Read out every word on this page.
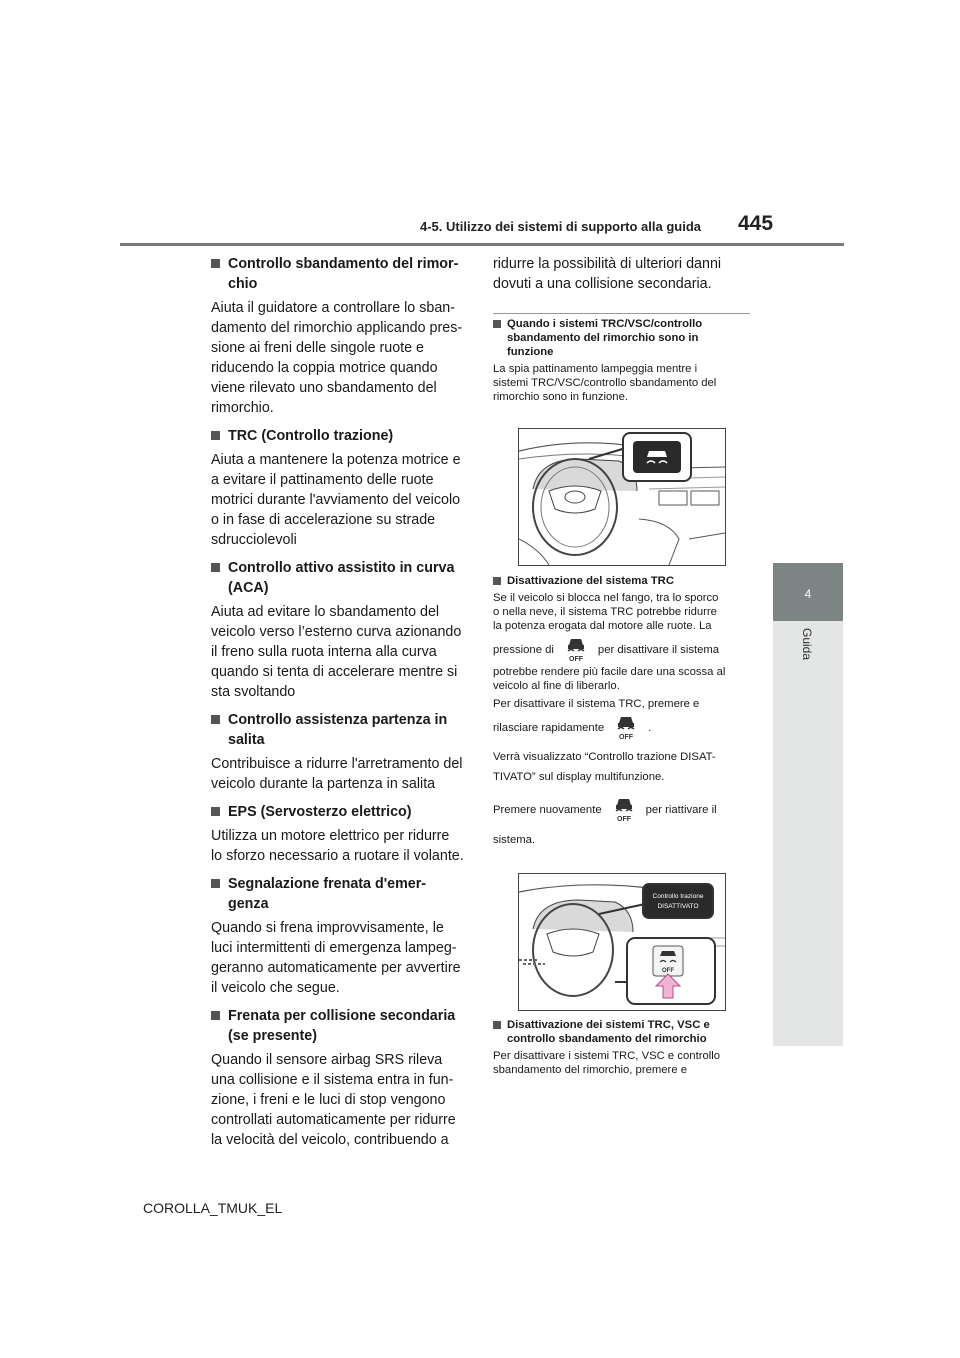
4-5. Utilizzo dei sistemi di supporto alla guida 445
4
Guida
Controllo sbandamento del rimor-
chio
Aiuta il guidatore a controllare lo sban-
damento del rimorchio applicando pres-
sione ai freni delle singole ruote e
riducendo la coppia motrice quando
viene rilevato uno sbandamento del
rimorchio.
TRC (Controllo trazione)
Aiuta a mantenere la potenza motrice e
a evitare il pattinamento delle ruote
motrici durante l'avviamento del veicolo
o in fase di accelerazione su strade
sdrucciolevoli
Controllo attivo assistito in curva
(ACA)
Aiuta ad evitare lo sbandamento del
veicolo verso l’esterno curva azionando
il freno sulla ruota interna alla curva
quando si tenta di accelerare mentre si
sta svoltando
Controllo assistenza partenza in
salita
Contribuisce a ridurre l'arretramento del
veicolo durante la partenza in salita
EPS (Servosterzo elettrico)
Utilizza un motore elettrico per ridurre
lo sforzo necessario a ruotare il volante.
Segnalazione frenata d'emer-
genza
Quando si frena improvvisamente, le
luci intermittenti di emergenza lampeg-
geranno automaticamente per avvertire
il veicolo che segue.
Frenata per collisione secondaria
(se presente)
Quando il sensore airbag SRS rileva
una collisione e il sistema entra in fun-
zione, i freni e le luci di stop vengono
controllati automaticamente per ridurre
la velocità del veicolo, contribuendo a
ridurre la possibilità di ulteriori danni
dovuti a una collisione secondaria.
Quando i sistemi TRC/VSC/controllo
sbandamento del rimorchio sono in
funzione
La spia pattinamento lampeggia mentre i
sistemi TRC/VSC/controllo sbandamento del
rimorchio sono in funzione.
Disattivazione del sistema TRC
Se il veicolo si blocca nel fango, tra lo sporco
o nella neve, il sistema TRC potrebbe ridurre
la potenza erogata dal motore alle ruote. La
pressione di
OFF
per disattivare il sistema
potrebbe rendere più facile dare una scossa al veicolo al fine di liberarlo.
Per disattivare il sistema TRC, premere e
rilasciare rapidamente
OFF
.
Verrà visualizzato “Controllo trazione DISAT- TIVATO” sul display multifunzione.
Premere nuovamente
OFF
per riattivare il
sistema.
Controllo trazione
DISATTIVATO
OFF
Disattivazione dei sistemi TRC, VSC e
controllo sbandamento del rimorchio
Per disattivare i sistemi TRC, VSC e controllo
sbandamento del rimorchio, premere e
COROLLA_TMUK_EL
